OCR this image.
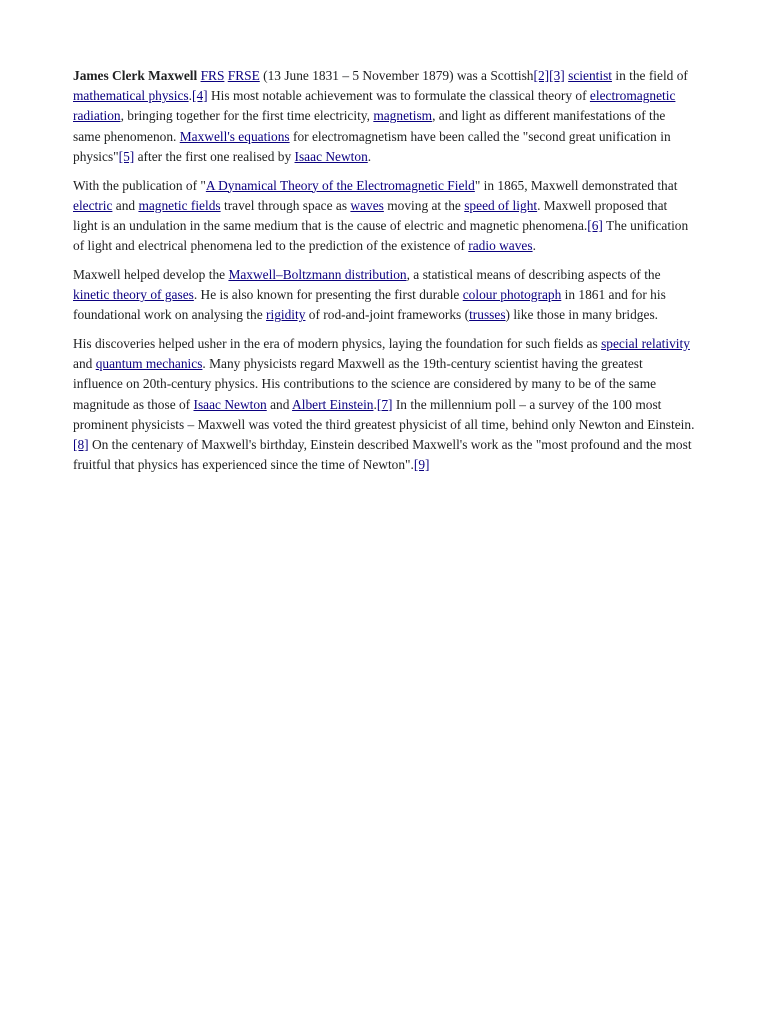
James Clerk Maxwell FRS FRSE (13 June 1831 – 5 November 1879) was a Scottish[2][3] scientist in the field of mathematical physics.[4] His most notable achievement was to formulate the classical theory of electromagnetic radiation, bringing together for the first time electricity, magnetism, and light as different manifestations of the same phenomenon. Maxwell's equations for electromagnetism have been called the "second great unification in physics"[5] after the first one realised by Isaac Newton.

With the publication of "A Dynamical Theory of the Electromagnetic Field" in 1865, Maxwell demonstrated that electric and magnetic fields travel through space as waves moving at the speed of light. Maxwell proposed that light is an undulation in the same medium that is the cause of electric and magnetic phenomena.[6] The unification of light and electrical phenomena led to the prediction of the existence of radio waves.

Maxwell helped develop the Maxwell–Boltzmann distribution, a statistical means of describing aspects of the kinetic theory of gases. He is also known for presenting the first durable colour photograph in 1861 and for his foundational work on analysing the rigidity of rod-and-joint frameworks (trusses) like those in many bridges.

His discoveries helped usher in the era of modern physics, laying the foundation for such fields as special relativity and quantum mechanics. Many physicists regard Maxwell as the 19th-century scientist having the greatest influence on 20th-century physics. His contributions to the science are considered by many to be of the same magnitude as those of Isaac Newton and Albert Einstein.[7] In the millennium poll – a survey of the 100 most prominent physicists – Maxwell was voted the third greatest physicist of all time, behind only Newton and Einstein.[8] On the centenary of Maxwell's birthday, Einstein described Maxwell's work as the "most profound and the most fruitful that physics has experienced since the time of Newton".[9]
